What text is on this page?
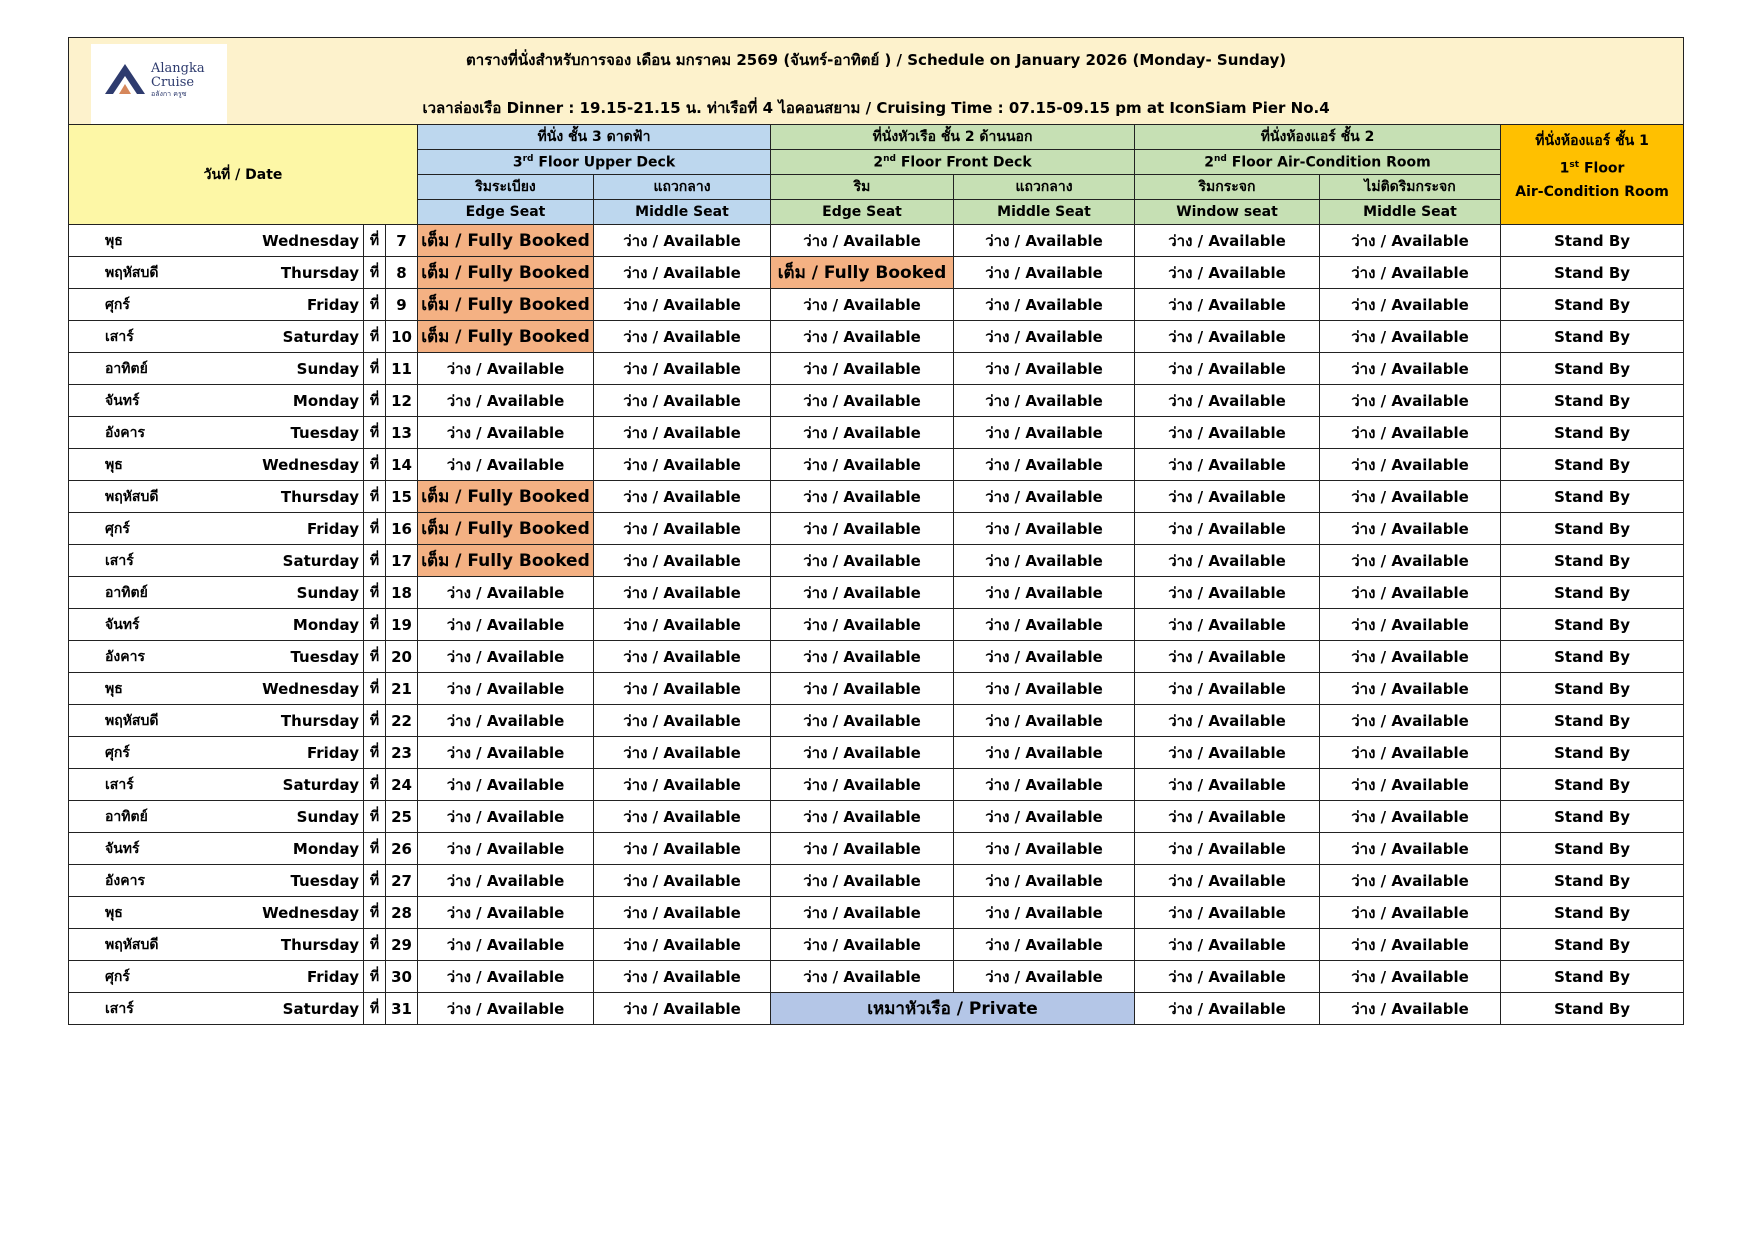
Alangka
Cruise
อลังกา ครูซ
ตารางที่นั่งสำหรับการจอง เดือน มกราคม 2569 (จันทร์-อาทิตย์ ) / Schedule on January 2026 (Monday- Sunday)
เวลาล่องเรือ Dinner : 19.15-21.15 น. ท่าเรือที่ 4 ไอคอนสยาม / Cruising Time : 07.15-09.15 pm at IconSiam Pier No.4										

วันที่ / Date				ที่นั่ง ชั้น 3 ดาดฟ้า		ที่นั่งหัวเรือ ชั้น 2 ด้านนอก		ที่นั่งห้องแอร์ ชั้น 2		ที่นั่งห้องแอร์ ชั้น 1
1st Floor
Air-Condition Room

				3rd Floor Upper Deck		2nd Floor Front Deck		2nd Floor Air-Condition Room		
				ริมระเบียง	แถวกลาง	ริม	แถวกลาง	ริมกระจก	ไม่ติดริมกระจก	
				Edge Seat	Middle Seat	Edge Seat	Middle Seat	Window seat	Middle Seat	
พุธ	Wednesday	ที่	7	เต็ม / Fully Booked	ว่าง / Available	ว่าง / Available	ว่าง / Available	ว่าง / Available	ว่าง / Available	Stand By
พฤหัสบดี	Thursday	ที่	8	เต็ม / Fully Booked	ว่าง / Available	เต็ม / Fully Booked	ว่าง / Available	ว่าง / Available	ว่าง / Available	Stand By
ศุกร์	Friday	ที่	9	เต็ม / Fully Booked	ว่าง / Available	ว่าง / Available	ว่าง / Available	ว่าง / Available	ว่าง / Available	Stand By
เสาร์	Saturday	ที่	10	เต็ม / Fully Booked	ว่าง / Available	ว่าง / Available	ว่าง / Available	ว่าง / Available	ว่าง / Available	Stand By
อาทิตย์	Sunday	ที่	11	ว่าง / Available	ว่าง / Available	ว่าง / Available	ว่าง / Available	ว่าง / Available	ว่าง / Available	Stand By
จันทร์	Monday	ที่	12	ว่าง / Available	ว่าง / Available	ว่าง / Available	ว่าง / Available	ว่าง / Available	ว่าง / Available	Stand By
อังคาร	Tuesday	ที่	13	ว่าง / Available	ว่าง / Available	ว่าง / Available	ว่าง / Available	ว่าง / Available	ว่าง / Available	Stand By
พุธ	Wednesday	ที่	14	ว่าง / Available	ว่าง / Available	ว่าง / Available	ว่าง / Available	ว่าง / Available	ว่าง / Available	Stand By
พฤหัสบดี	Thursday	ที่	15	เต็ม / Fully Booked	ว่าง / Available	ว่าง / Available	ว่าง / Available	ว่าง / Available	ว่าง / Available	Stand By
ศุกร์	Friday	ที่	16	เต็ม / Fully Booked	ว่าง / Available	ว่าง / Available	ว่าง / Available	ว่าง / Available	ว่าง / Available	Stand By
เสาร์	Saturday	ที่	17	เต็ม / Fully Booked	ว่าง / Available	ว่าง / Available	ว่าง / Available	ว่าง / Available	ว่าง / Available	Stand By
อาทิตย์	Sunday	ที่	18	ว่าง / Available	ว่าง / Available	ว่าง / Available	ว่าง / Available	ว่าง / Available	ว่าง / Available	Stand By
จันทร์	Monday	ที่	19	ว่าง / Available	ว่าง / Available	ว่าง / Available	ว่าง / Available	ว่าง / Available	ว่าง / Available	Stand By
อังคาร	Tuesday	ที่	20	ว่าง / Available	ว่าง / Available	ว่าง / Available	ว่าง / Available	ว่าง / Available	ว่าง / Available	Stand By
พุธ	Wednesday	ที่	21	ว่าง / Available	ว่าง / Available	ว่าง / Available	ว่าง / Available	ว่าง / Available	ว่าง / Available	Stand By
พฤหัสบดี	Thursday	ที่	22	ว่าง / Available	ว่าง / Available	ว่าง / Available	ว่าง / Available	ว่าง / Available	ว่าง / Available	Stand By
ศุกร์	Friday	ที่	23	ว่าง / Available	ว่าง / Available	ว่าง / Available	ว่าง / Available	ว่าง / Available	ว่าง / Available	Stand By
เสาร์	Saturday	ที่	24	ว่าง / Available	ว่าง / Available	ว่าง / Available	ว่าง / Available	ว่าง / Available	ว่าง / Available	Stand By
อาทิตย์	Sunday	ที่	25	ว่าง / Available	ว่าง / Available	ว่าง / Available	ว่าง / Available	ว่าง / Available	ว่าง / Available	Stand By
จันทร์	Monday	ที่	26	ว่าง / Available	ว่าง / Available	ว่าง / Available	ว่าง / Available	ว่าง / Available	ว่าง / Available	Stand By
อังคาร	Tuesday	ที่	27	ว่าง / Available	ว่าง / Available	ว่าง / Available	ว่าง / Available	ว่าง / Available	ว่าง / Available	Stand By
พุธ	Wednesday	ที่	28	ว่าง / Available	ว่าง / Available	ว่าง / Available	ว่าง / Available	ว่าง / Available	ว่าง / Available	Stand By
พฤหัสบดี	Thursday	ที่	29	ว่าง / Available	ว่าง / Available	ว่าง / Available	ว่าง / Available	ว่าง / Available	ว่าง / Available	Stand By
ศุกร์	Friday	ที่	30	ว่าง / Available	ว่าง / Available	ว่าง / Available	ว่าง / Available	ว่าง / Available	ว่าง / Available	Stand By
เสาร์	Saturday	ที่	31	ว่าง / Available	ว่าง / Available	เหมาหัวเรือ / Private		ว่าง / Available	ว่าง / Available	Stand By
